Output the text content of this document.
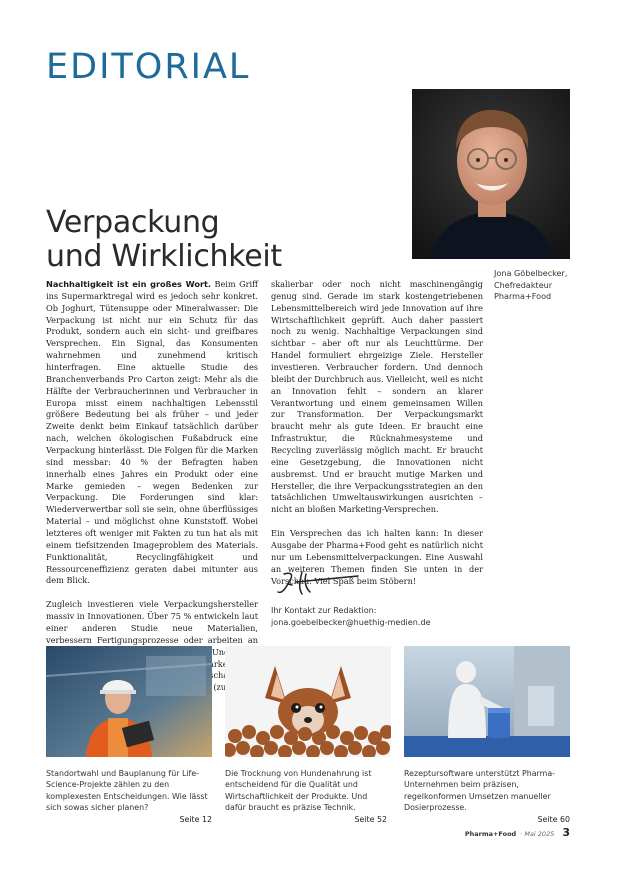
EDITORIAL
Verpackung
und Wirklichkeit	Jona Göbelbecker,
Chefredakteur
Pharma+Food

Nachhaltigkeit ist ein großes Wort. Beim Griff ins Supermarktregal wird es jedoch sehr konkret. Ob Joghurt, Tütensuppe oder Mineralwasser: Die Verpackung ist nicht nur ein Schutz für das Produkt, sondern auch ein sicht- und greifbares Versprechen. Ein Signal, das Konsumenten wahrnehmen und zunehmend kritisch hinterfragen. Eine aktuelle Studie des Branchenverbands Pro Carton zeigt: Mehr als die Hälfte der Verbraucherinnen und Verbraucher in Europa misst einem nachhaltigen Lebensstil größere Bedeutung bei als früher – und jeder Zweite denkt beim Einkauf tatsächlich darüber nach, welchen ökologischen Fußabdruck eine Verpackung hinterlässt. Die Folgen für die Marken sind messbar: 40 % der Befragten haben innerhalb eines Jahres ein Produkt oder eine Marke gemieden – wegen Bedenken zur Verpackung. Die Forderungen sind klar: Wiederverwertbar soll sie sein, ohne überflüssiges Material – und möglichst ohne Kunststoff. Wobei letzteres oft weniger mit Fakten zu tun hat als mit einem tiefsitzenden Imageproblem des Materials. Funktionalität, Recyclingfähigkeit und Ressourceneffizienz geraten dabei mitunter aus dem Blick.

Zugleich investieren viele Verpackungshersteller massiv in Innovationen. Über 75 % entwickeln laut einer anderen Studie neue Materialien, verbessern Fertigungsprozesse oder arbeiten an Und (zu)

skalierbar oder noch nicht maschinengängig genug sind. Gerade im stark kostengetriebenen Lebensmittelbereich wird jede Innovation auf ihre Wirtschaftlichkeit geprüft. Auch daher passiert noch zu wenig. Nachhaltige Verpackungen sind sichtbar – aber oft nur als Leuchttürme. Der Handel formuliert ehrgeizige Ziele. Hersteller investieren. Verbraucher fordern. Und dennoch bleibt der Durchbruch aus. Vielleicht, weil es nicht an Innovation fehlt – sondern an klarer Verantwortung und einem gemeinsamen Willen zur Transformation. Der Verpackungsmarkt braucht mehr als gute Ideen. Er braucht eine Infrastruktur, die Rücknahmesysteme und Recycling zuverlässig möglich macht. Er braucht eine Gesetzgebung, die Innovationen nicht ausbremst. Und er braucht mutige Marken und Hersteller, die ihre Verpackungsstrategien an den tatsächlichen Umweltauswirkungen ausrichten – nicht an bloßen Marketing-Versprechen.

Ein Versprechen das ich halten kann: In dieser Ausgabe der Pharma+Food geht es natürlich nicht nur um Lebensmittelverpackungen. Eine Auswahl an weiteren Themen finden Sie unten in der Vorschau. Viel Spaß beim Stöbern!

Ihr Kontakt zur Redaktion:
jona.goebelbecker@huethig-medien.de
Standortwahl und Bauplanung für Life-Science-Projekte zählen zu den komplexesten Entscheidungen. Wie lässt sich sowas sicher planen?
Seite 12
Die Trocknung von Hundenahrung ist entscheidend für die Qualität und Wirtschaftlichkeit der Produkte. Und dafür braucht es präzise Technik.
Seite 52
Rezeptursoftware unterstützt Pharma-Unternehmen beim präzisen, regelkonformen Umsetzen manueller Dosierprozesse.
Seite 60
Pharma+Food · Mai 2025 3
